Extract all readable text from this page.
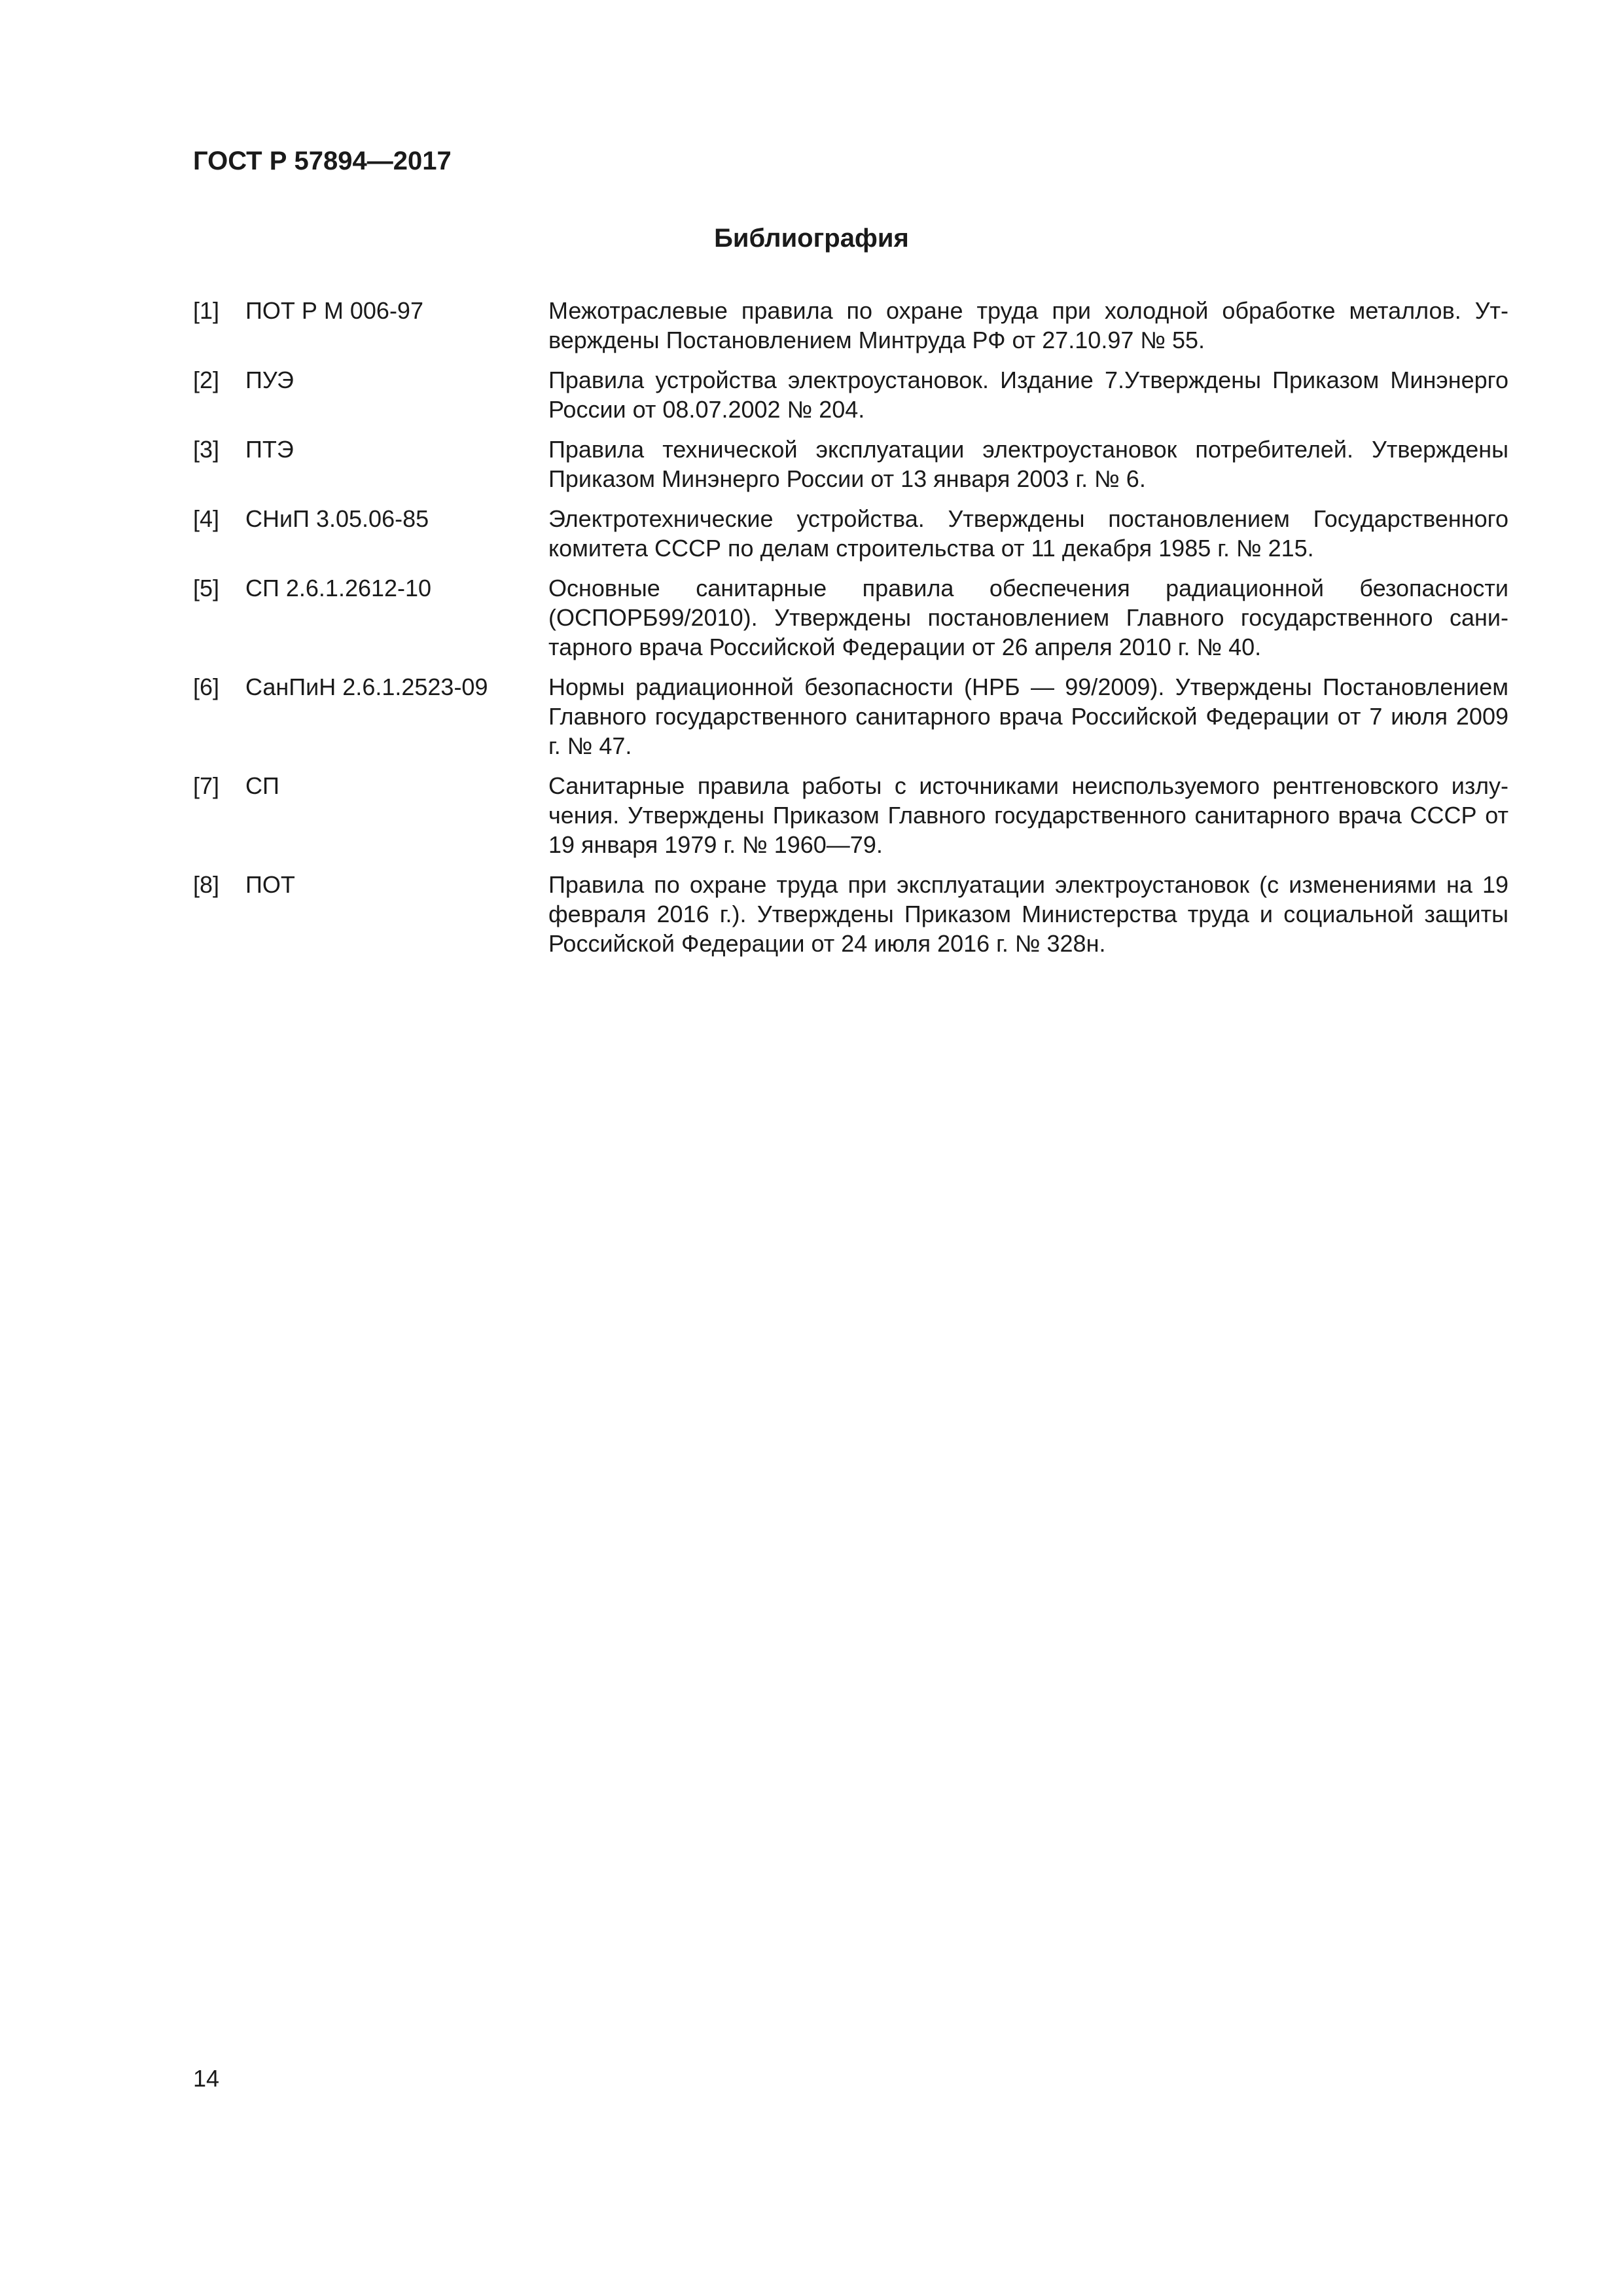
ГОСТ Р 57894—2017
Библиография
[1] ПОТ Р М 006-97	Межотраслевые правила по охране труда при холодной обработке металлов. Утверждены Постановлением Минтруда РФ от 27.10.97 № 55.
[2] ПУЭ	Правила устройства электроустановок. Издание 7.Утверждены Приказом Минэнерго России от 08.07.2002 № 204.
[3] ПТЭ	Правила технической эксплуатации электроустановок потребителей. Утверждены Приказом Минэнерго России от 13 января 2003 г. № 6.
[4] СНиП 3.05.06-85	Электротехнические устройства. Утверждены постановлением Государственного комитета СССР по делам строительства от 11 декабря 1985 г. № 215.
[5] СП 2.6.1.2612-10	Основные санитарные правила обеспечения радиационной безопасности (ОСПОРБ99/2010). Утверждены постановлением Главного государственного санитарного врача Российской Федерации от 26 апреля 2010 г. № 40.
[6] СанПиН 2.6.1.2523-09	Нормы радиационной безопасности (НРБ — 99/2009). Утверждены Постановлением Главного государственного санитарного врача Российской Федерации от 7 июля 2009 г. № 47.
[7] СП	Санитарные правила работы с источниками неиспользуемого рентгеновского излучения. Утверждены Приказом Главного государственного санитарного врача СССР от 19 января 1979 г. № 1960—79.
[8] ПОТ	Правила по охране труда при эксплуатации электроустановок (с изменениями на 19 февраля 2016 г.). Утверждены Приказом Министерства труда и социальной защиты Российской Федерации от 24 июля 2016 г. № 328н.
14
